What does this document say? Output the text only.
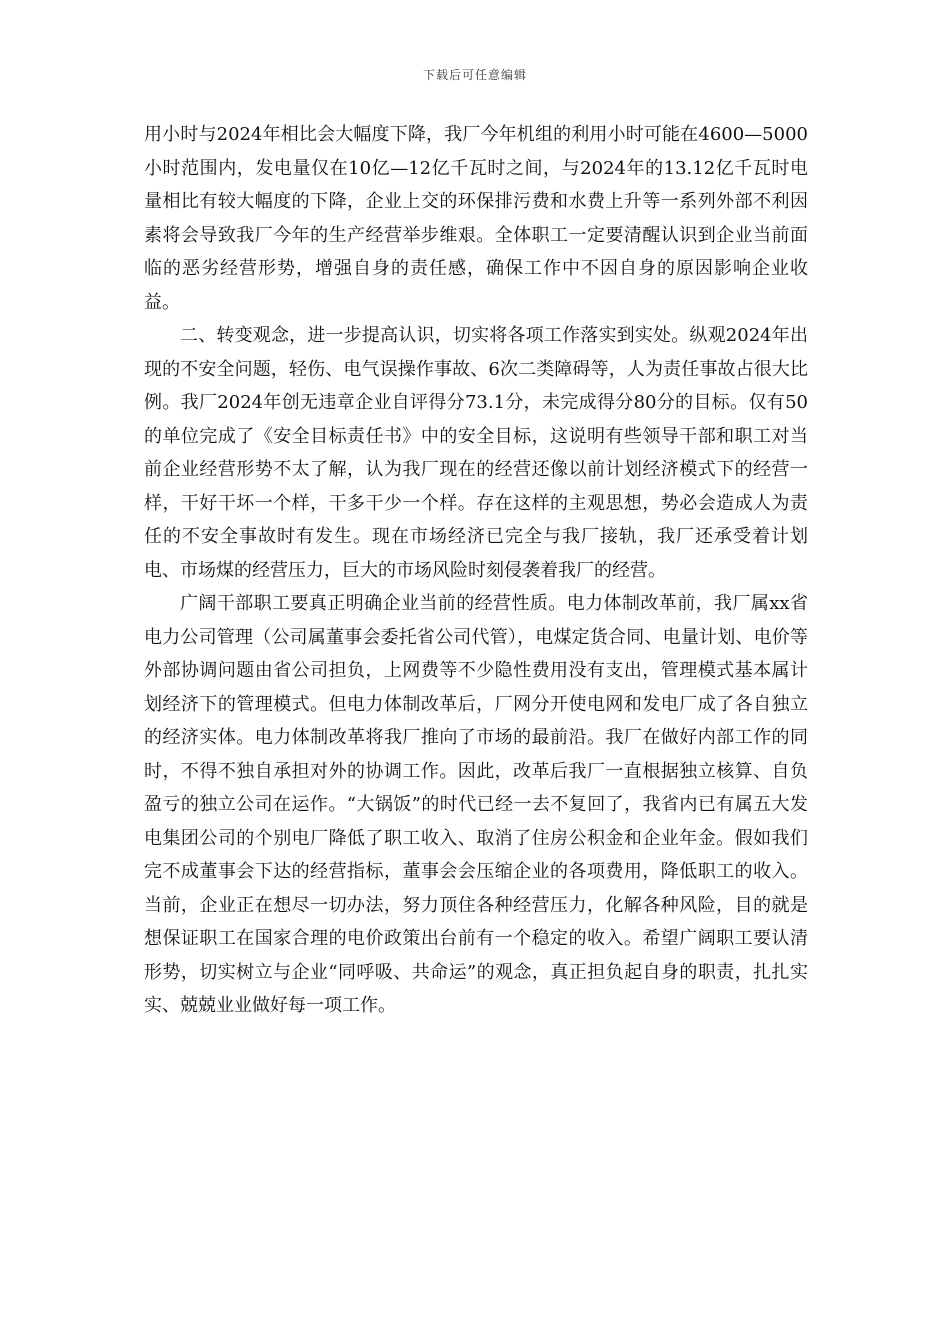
下载后可任意编辑

用小时与2024年相比会大幅度下降，我厂今年机组的利用小时可能在4600—5000小时范围内，发电量仅在10亿—12亿千瓦时之间，与2024年的13.12亿千瓦时电量相比有较大幅度的下降，企业上交的环保排污费和水费上升等一系列外部不利因素将会导致我厂今年的生产经营举步维艰。全体职工一定要清醒认识到企业当前面临的恶劣经营形势，增强自身的责任感，确保工作中不因自身的原因影响企业收益。

二、转变观念，进一步提高认识，切实将各项工作落实到实处。纵观2024年出现的不安全问题，轻伤、电气误操作事故、6次二类障碍等，人为责任事故占很大比例。我厂2024年创无违章企业自评得分73.1分，未完成得分80分的目标。仅有50的单位完成了《安全目标责任书》中的安全目标，这说明有些领导干部和职工对当前企业经营形势不太了解，认为我厂现在的经营还像以前计划经济模式下的经营一样，干好干坏一个样，干多干少一个样。存在这样的主观思想，势必会造成人为责任的不安全事故时有发生。现在市场经济已完全与我厂接轨，我厂还承受着计划电、市场煤的经营压力，巨大的市场风险时刻侵袭着我厂的经营。

广阔干部职工要真正明确企业当前的经营性质。电力体制改革前，我厂属xx省电力公司管理（公司属董事会委托省公司代管），电煤定货合同、电量计划、电价等外部协调问题由省公司担负，上网费等不少隐性费用没有支出，管理模式基本属计划经济下的管理模式。但电力体制改革后，厂网分开使电网和发电厂成了各自独立的经济实体。电力体制改革将我厂推向了市场的最前沿。我厂在做好内部工作的同时，不得不独自承担对外的协调工作。因此，改革后我厂一直根据独立核算、自负盈亏的独立公司在运作。“大锅饭”的时代已经一去不复回了，我省内已有属五大发电集团公司的个别电厂降低了职工收入、取消了住房公积金和企业年金。假如我们完不成董事会下达的经营指标，董事会会压缩企业的各项费用，降低职工的收入。当前，企业正在想尽一切办法，努力顶住各种经营压力，化解各种风险，目的就是想保证职工在国家合理的电价政策出台前有一个稳定的收入。希望广阔职工要认清形势，切实树立与企业“同呼吸、共命运”的观念，真正担负起自身的职责，扎扎实实、兢兢业业做好每一项工作。
